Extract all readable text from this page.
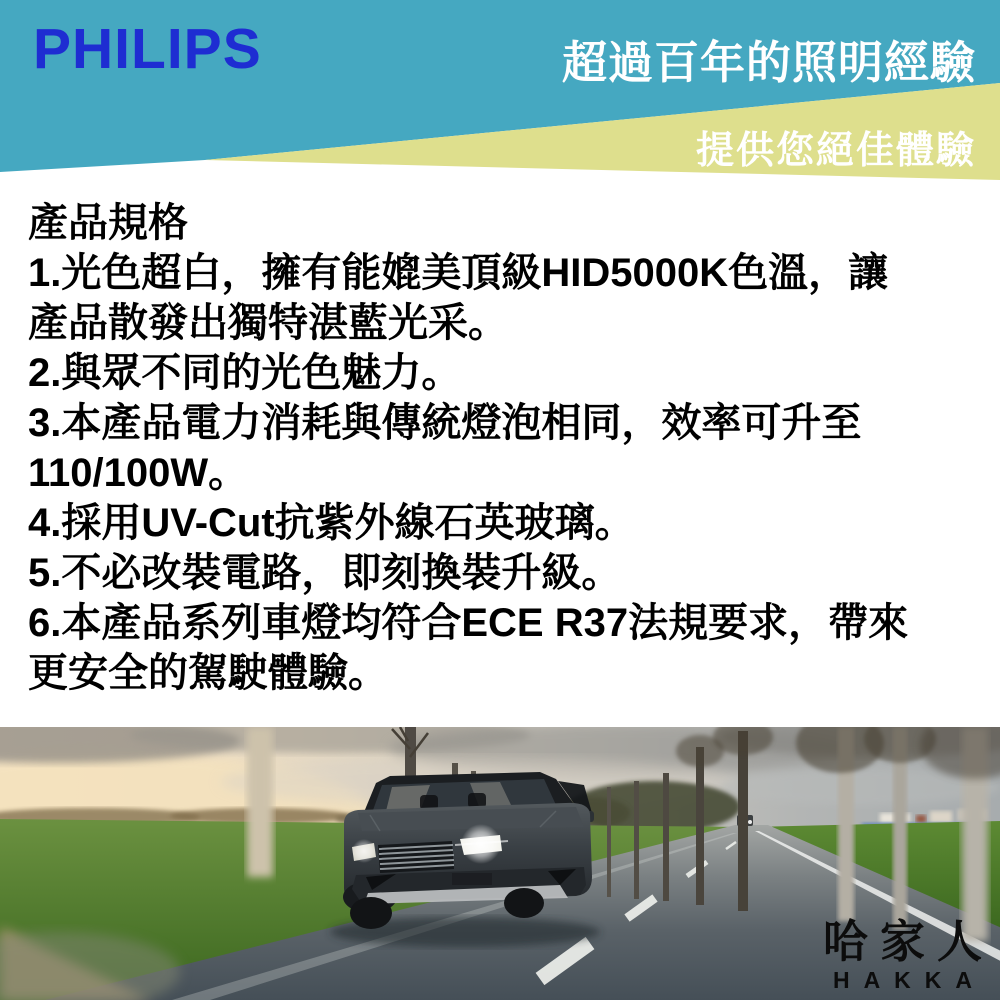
PHILIPS	超過百年的照明經驗
提供您絕佳體驗
產品規格
1.光色超白，擁有能媲美頂級HID5000K色溫，讓
產品散發出獨特湛藍光采。
2.與眾不同的光色魅力。
3.本產品電力消耗與傳統燈泡相同，效率可升至
110/100W。
4.採用UV-Cut抗紫外線石英玻璃。
5.不必改裝電路，即刻換裝升級。
6.本產品系列車燈均符合ECE R37法規要求，帶來
更安全的駕駛體驗。
哈家人
HAKKA
